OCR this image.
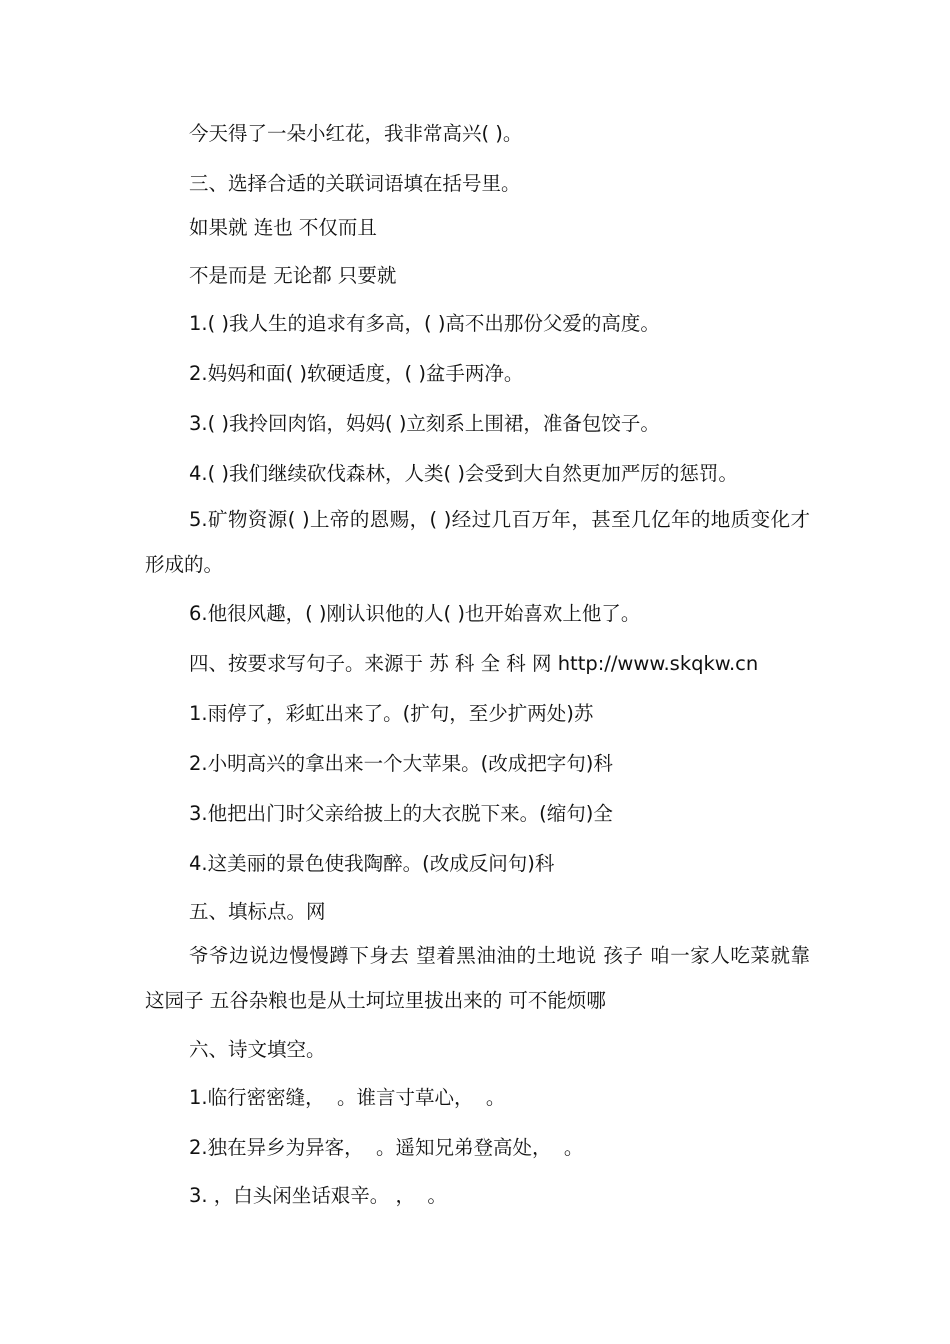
今天得了一朵小红花，我非常高兴( )。
三、选择合适的关联词语填在括号里。
如果就 连也 不仅而且
不是而是 无论都 只要就
1.( )我人生的追求有多高，( )高不出那份父爱的高度。
2.妈妈和面( )软硬适度，( )盆手两净。
3.( )我拎回肉馅，妈妈( )立刻系上围裙，准备包饺子。
4.( )我们继续砍伐森林，人类( )会受到大自然更加严厉的惩罚。

5.矿物资源( )上帝的恩赐，( )经过几百万年，甚至几亿年的地质变化才形成的。

6.他很风趣，( )刚认识他的人( )也开始喜欢上他了。
四、按要求写句子。来源于 苏 科 全 科 网 http://www.skqkw.cn
1.雨停了，彩虹出来了。(扩句，至少扩两处)苏
2.小明高兴的拿出来一个大苹果。(改成把字句)科
3.他把出门时父亲给披上的大衣脱下来。(缩句)全
4.这美丽的景色使我陶醉。(改成反问句)科
五、填标点。网

爷爷边说边慢慢蹲下身去 望着黑油油的土地说 孩子 咱一家人吃菜就靠这园子 五谷杂粮也是从土坷垃里拔出来的 可不能烦哪

六、诗文填空。
1.临行密密缝，  。谁言寸草心，  。
2.独在异乡为异客，  。遥知兄弟登高处，  。
3. ，白头闲坐话艰辛。 ，  。
